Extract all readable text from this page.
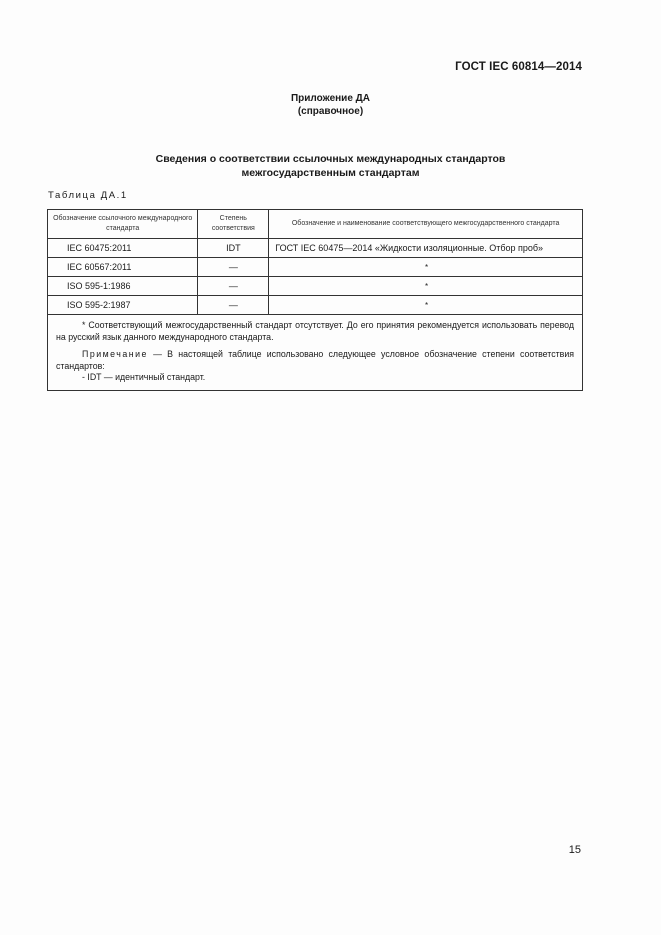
ГОСТ IEC 60814—2014
Приложение ДА
(справочное)
Сведения о соответствии ссылочных международных стандартов
межгосударственным стандартам
Таблица ДА.1
Обозначение ссылочного международного стандарта	Степень соответствия	Обозначение и наименование соответствующего межгосударственного стандарта
IEC 60475:2011	IDT	ГОСТ IEC 60475—2014 «Жидкости изоляционные. Отбор проб»
IEC 60567:2011	—	*
ISO 595-1:1986	—	*
ISO 595-2:1987	—	*

* Соответствующий межгосударственный стандарт отсутствует. До его принятия рекомендуется использовать перевод на русский язык данного международного стандарта.

Примечание — В настоящей таблице использовано следующее условное обозначение степени соответствия стандартов:

- IDT — идентичный стандарт.		

15
